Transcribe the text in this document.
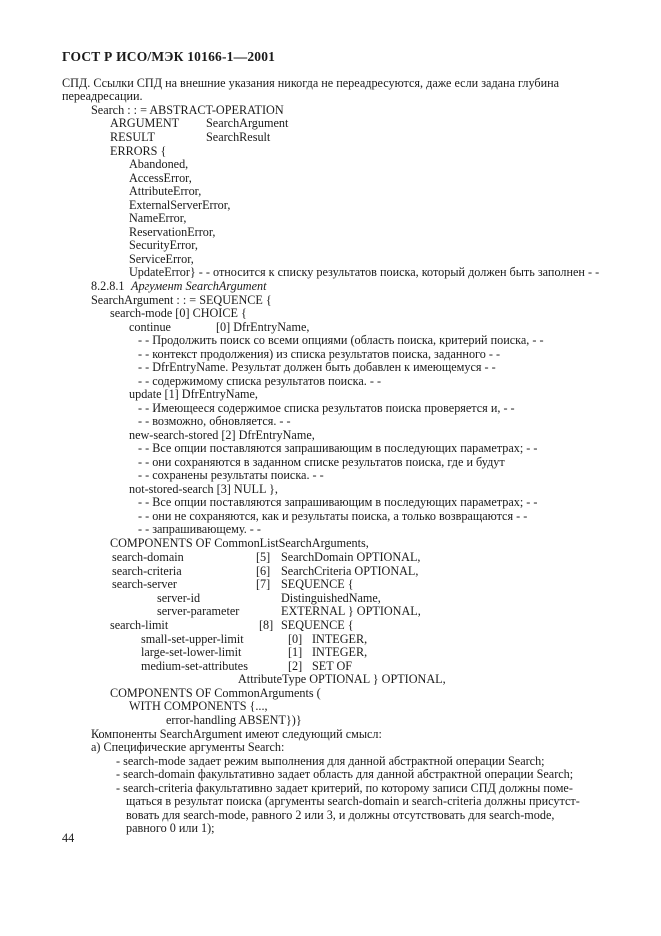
ГОСТ Р ИСО/МЭК 10166-1—2001
СПД. Ссылки СПД на внешние указания никогда не переадресуются, даже если задана глубина
переадресации.
Search : : = ABSTRACT-OPERATION
ARGUMENT SearchArgument
RESULT	SearchResult
ERRORS {
Abandoned,
AccessError,
AttributeError,
ExternalServerError,
NameError,
ReservationError,
SecurityError,
ServiceError,
UpdateError} - - относится к списку результатов поиска, который должен быть заполнен - -
8.2.8.1 Аргумент SearchArgument
SearchArgument : : = SEQUENCE {
search-mode [0] CHOICE {
continue	[0] DfrEntryName,
- - Продолжить поиск со всеми опциями (область поиска, критерий поиска, - -
- - контекст продолжения) из списка результатов поиска, заданного - -
- - DfrEntryName. Результат должен быть добавлен к имеющемуся - -
- - содержимому списка результатов поиска. - -
update [1] DfrEntryName,
- - Имеющееся содержимое списка результатов поиска проверяется и, - -
- - возможно, обновляется. - -
new-search-stored [2] DfrEntryName,
- - Все опции поставляются запрашивающим в последующих параметрах; - -
- - они сохраняются в заданном списке результатов поиска, где и будут
- - сохранены результаты поиска. - -
not-stored-search [3] NULL },
- - Все опции поставляются запрашивающим в последующих параметрах; - -
- - они не сохраняются, как и результаты поиска, а только возвращаются - -
- - запрашивающему. - -
COMPONENTS OF CommonListSearchArguments,
search-domain	[5] SearchDomain OPTIONAL,
search-criteria	[6] SearchCriteria OPTIONAL,
search-server	[7] SEQUENCE {
server-id	DistinguishedName,
server-parameter	EXTERNAL } OPTIONAL,
search-limit	[8] SEQUENCE {
small-set-upper-limit	[0] INTEGER,
large-set-lower-limit	[1] INTEGER,
medium-set-attributes	[2] SET OF
AttributeType OPTIONAL } OPTIONAL,
COMPONENTS OF CommonArguments (
WITH COMPONENTS {...,
error-handling ABSENT})}
Компоненты SearchArgument имеют следующий смысл:
а) Специфические аргументы Search:
- search-mode задает режим выполнения для данной абстрактной операции Search;
- search-domain факультативно задает область для данной абстрактной операции Search;
- search-criteria факультативно задает критерий, по которому записи СПД должны поме-
щаться в результат поиска (аргументы search-domain и search-criteria должны присутст-
вовать для search-mode, равного 2 или 3, и должны отсутствовать для search-mode,
равного 0 или 1);
44
